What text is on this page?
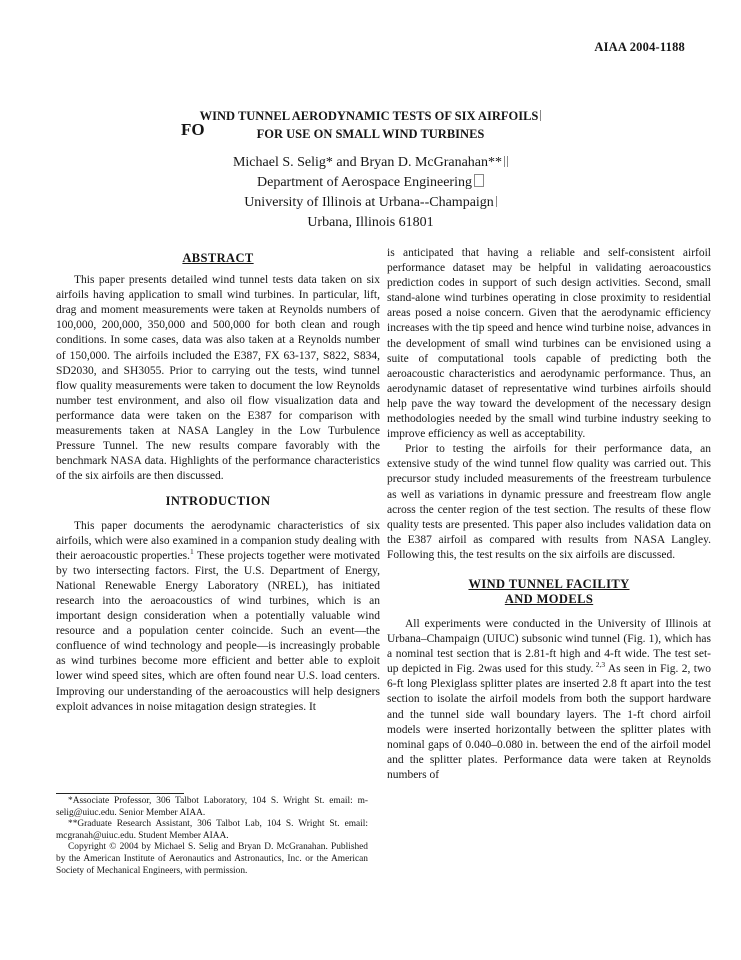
AIAA 2004-1188
WIND TUNNEL AERODYNAMIC TESTS OF SIX AIRFOILS
FO	FOR USE ON SMALL WIND TURBINES
Michael S. Selig* and Bryan D. McGranahan**
Department of Aerospace Engineering
University of Illinois at Urbana--Champaign
Urbana, Illinois 61801
ABSTRACT

This paper presents detailed wind tunnel tests data taken on six airfoils having application to small wind turbines. In particular, lift, drag and moment measurements were taken at Reynolds numbers of 100,000, 200,000, 350,000 and 500,000 for both clean and rough conditions. In some cases, data was also taken at a Reynolds number of 150,000. The airfoils included the E387, FX 63-137, S822, S834, SD2030, and SH3055. Prior to carrying out the tests, wind tunnel flow quality measurements were taken to document the low Reynolds number test environment, and also oil flow visualization data and performance data were taken on the E387 for comparison with measurements taken at NASA Langley in the Low Turbulence Pressure Tunnel. The new results compare favorably with the benchmark NASA data. Highlights of the performance characteristics of the six airfoils are then discussed.

INTRODUCTION

This paper documents the aerodynamic characteristics of six airfoils, which were also examined in a companion study dealing with their aeroacoustic properties.$^1$ These projects together were motivated by two intersecting factors. First, the U.S. Department of Energy, National Renewable Energy Laboratory (NREL), has initiated research into the aeroacoustics of wind turbines, which is an important design consideration when a potentially valuable wind resource and a population center coincide. Such an event—the confluence of wind technology and people—is increasingly probable as wind turbines become more efficient and better able to exploit lower wind speed sites, which are often found near U.S. load centers. Improving our understanding of the aeroacoustics will help designers exploit advances in noise mitagation design strategies. It

is anticipated that having a reliable and self-consistent airfoil performance dataset may be helpful in validating aeroacoustics prediction codes in support of such design activities. Second, small stand-alone wind turbines operating in close proximity to residential areas posed a noise concern. Given that the aerodynamic efficiency increases with the tip speed and hence wind turbine noise, advances in the development of small wind turbines can be envisioned using a suite of computational tools capable of predicting both the aeroacoustic characteristics and aerodynamic performance. Thus, an aerodynamic dataset of representative wind turbines airfoils should help pave the way toward the development of the necessary design methodologies needed by the small wind turbine industry seeking to improve efficiency as well as acceptability.

Prior to testing the airfoils for their performance data, an extensive study of the wind tunnel flow quality was carried out. This precursor study included measurements of the freestream turbulence as well as variations in dynamic pressure and freestream flow angle across the center region of the test section. The results of these flow quality tests are presented. This paper also includes validation data on the E387 airfoil as compared with results from NASA Langley. Following this, the test results on the six airfoils are discussed.

WIND TUNNEL FACILITY
AND MODELS

All experiments were conducted in the University of Illinois at Urbana–Champaign (UIUC) subsonic wind tunnel (Fig. 1), which has a nominal test section that is 2.81-ft high and 4-ft wide. The test set-up depicted in Fig. 2was used for this study. $^{2,3}$ As seen in Fig. 2, two 6-ft long Plexiglass splitter plates are inserted 2.8 ft apart into the test section to isolate the airfoil models from both the support hardware and the tunnel side wall boundary layers. The 1-ft chord airfoil models were inserted horizontally between the splitter plates with nominal gaps of 0.040–0.080 in. between the end of the airfoil model and the splitter plates. Performance data were taken at Reynolds numbers of

*Associate Professor, 306 Talbot Laboratory, 104 S. Wright St. email: m-selig@uiuc.edu. Senior Member AIAA.

**Graduate Research Assistant, 306 Talbot Lab, 104 S. Wright St. email: mcgranah@uiuc.edu. Student Member AIAA.

Copyright © 2004 by Michael S. Selig and Bryan D. McGranahan. Published by the American Institute of Aeronautics and Astronautics, Inc. or the American Society of Mechanical Engineers, with permission.
